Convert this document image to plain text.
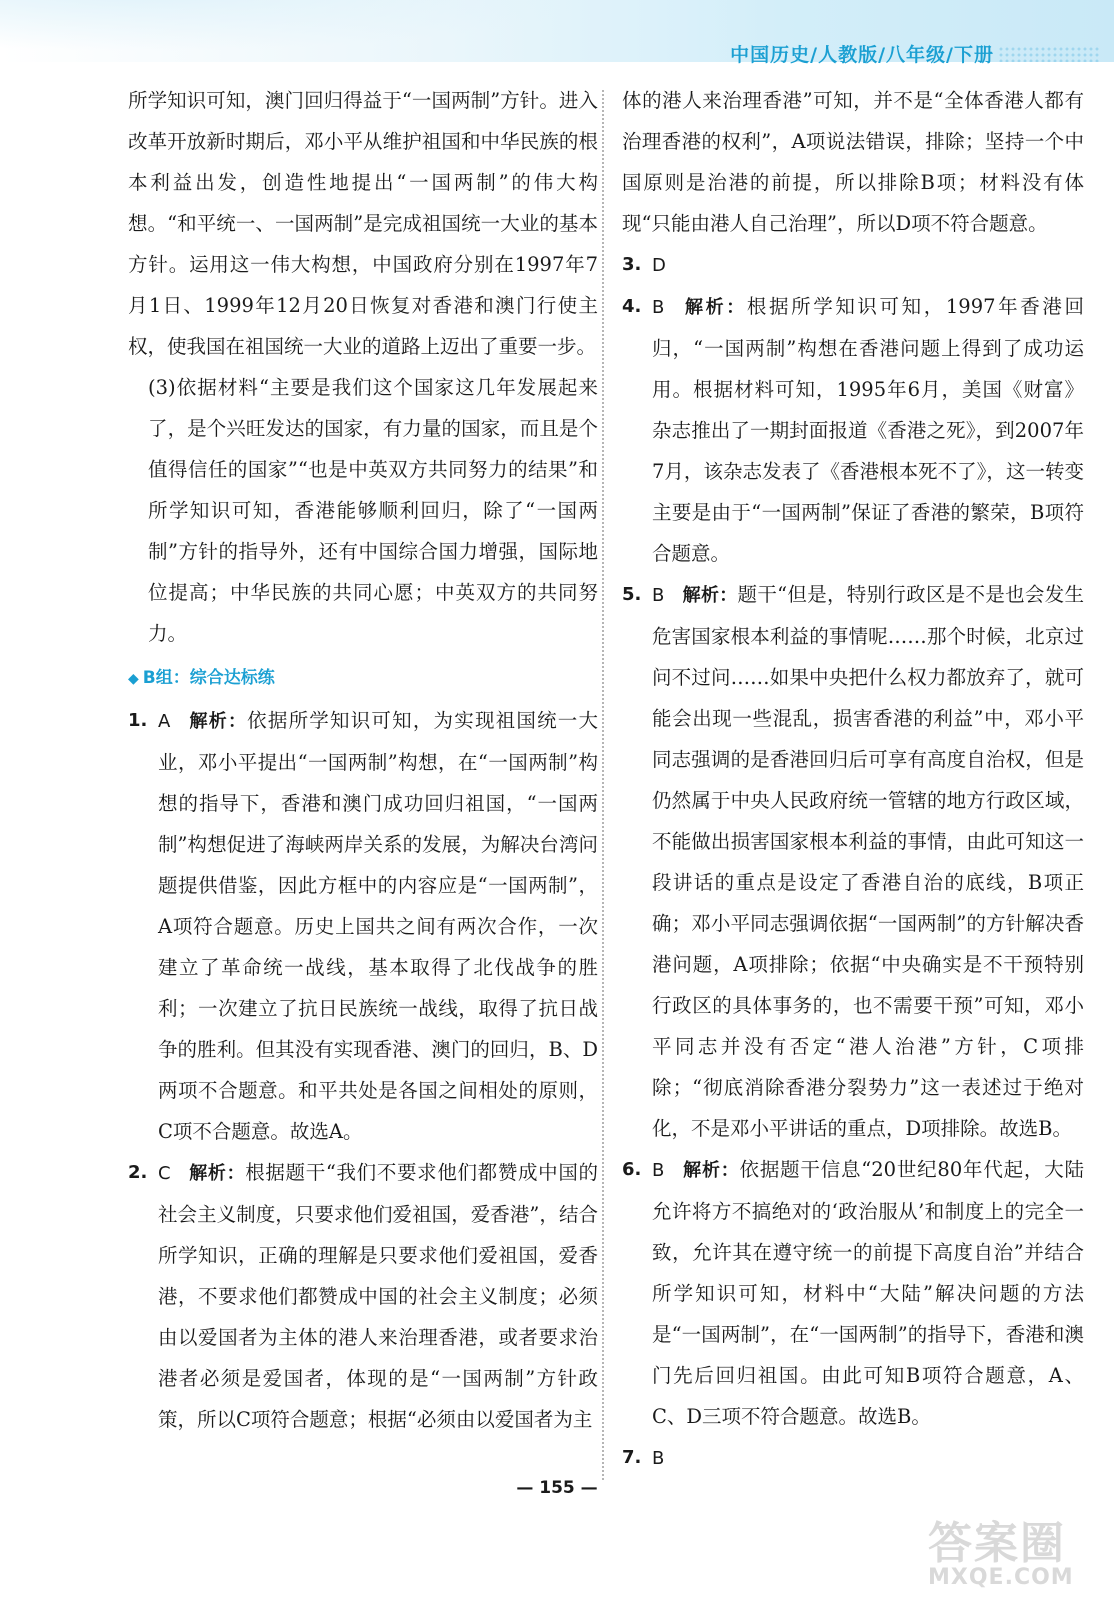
中国历史/人教版/八年级/下册

所学知识可知，澳门回归得益于“一国两制”方针。进入改革开放新时期后，邓小平从维护祖国和中华民族的根本利益出发，创造性地提出“一国两制”的伟大构想。“和平统一、一国两制”是完成祖国统一大业的基本方针。运用这一伟大构想，中国政府分别在1997年7月1日、1999年12月20日恢复对香港和澳门行使主权，使我国在祖国统一大业的道路上迈出了重要一步。

(3)依据材料“主要是我们这个国家这几年发展起来了，是个兴旺发达的国家，有力量的国家，而且是个值得信任的国家”“也是中英双方共同努力的结果”和所学知识可知，香港能够顺利回归，除了“一国两制”方针的指导外，还有中国综合国力增强，国际地位提高；中华民族的共同心愿；中英双方的共同努力。

◆ B组：综合达标练
1. A 解析：依据所学知识可知，为实现祖国统一大业，邓小平提出“一国两制”构想，在“一国两制”构想的指导下，香港和澳门成功回归祖国，“一国两制”构想促进了海峡两岸关系的发展，为解决台湾问题提供借鉴，因此方框中的内容应是“一国两制”，A项符合题意。历史上国共之间有两次合作，一次建立了革命统一战线，基本取得了北伐战争的胜利；一次建立了抗日民族统一战线，取得了抗日战争的胜利。但其没有实现香港、澳门的回归，B、D两项不合题意。和平共处是各国之间相处的原则，C项不合题意。故选A。

2. C 解析：根据题干“我们不要求他们都赞成中国的社会主义制度，只要求他们爱祖国，爱香港”，结合所学知识，正确的理解是只要求他们爱祖国，爱香港，不要求他们都赞成中国的社会主义制度；必须由以爱国者为主体的港人来治理香港，或者要求治港者必须是爱国者，体现的是“一国两制”方针政策，所以C项符合题意；根据“必须由以爱国者为主

体的港人来治理香港”可知，并不是“全体香港人都有治理香港的权利”，A项说法错误，排除；坚持一个中国原则是治港的前提，所以排除B项；材料没有体现“只能由港人自己治理”，所以D项不符合题意。

3. D

4. B 解析：根据所学知识可知，1997年香港回归，“一国两制”构想在香港问题上得到了成功运用。根据材料可知，1995年6月，美国《财富》杂志推出了一期封面报道《香港之死》，到2007年7月，该杂志发表了《香港根本死不了》，这一转变主要是由于“一国两制”保证了香港的繁荣，B项符合题意。

5. B 解析：题干“但是，特别行政区是不是也会发生危害国家根本利益的事情呢……那个时候，北京过问不过问……如果中央把什么权力都放弃了，就可能会出现一些混乱，损害香港的利益”中，邓小平同志强调的是香港回归后可享有高度自治权，但是仍然属于中央人民政府统一管辖的地方行政区域，不能做出损害国家根本利益的事情，由此可知这一段讲话的重点是设定了香港自治的底线，B项正确；邓小平同志强调依据“一国两制”的方针解决香港问题，A项排除；依据“中央确实是不干预特别行政区的具体事务的，也不需要干预”可知，邓小平同志并没有否定“港人治港”方针，C项排除；“彻底消除香港分裂势力”这一表述过于绝对化，不是邓小平讲话的重点，D项排除。故选B。

6. B 解析：依据题干信息“20世纪80年代起，大陆允许将方不搞绝对的‘政治服从’和制度上的完全一致，允许其在遵守统一的前提下高度自治”并结合所学知识可知，材料中“大陆”解决问题的方法是“一国两制”，在“一国两制”的指导下，香港和澳门先后回归祖国。由此可知B项符合题意，A、C、D三项不符合题意。故选B。

7. B

— 155 —
答案圈
MXQE.COM
